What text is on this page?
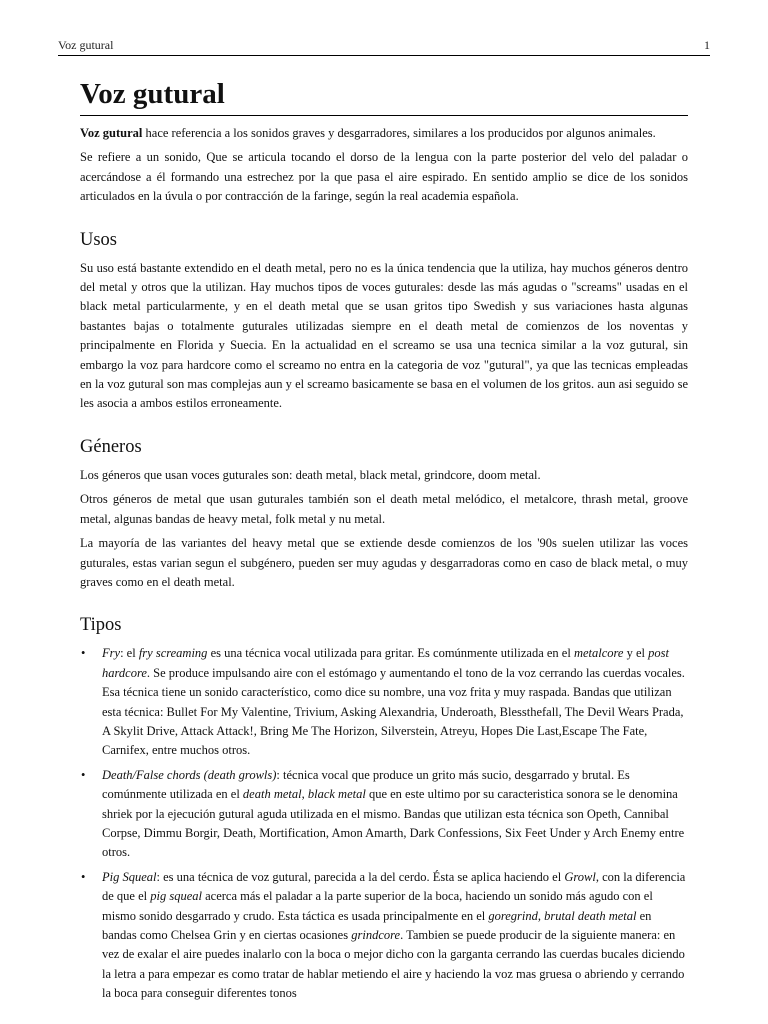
Voz gutural	1
Voz gutural

Voz gutural hace referencia a los sonidos graves y desgarradores, similares a los producidos por algunos animales.

Se refiere a un sonido, Que se articula tocando el dorso de la lengua con la parte posterior del velo del paladar o acercándose a él formando una estrechez por la que pasa el aire espirado. En sentido amplio se dice de los sonidos articulados en la úvula o por contracción de la faringe, según la real academia española.

Usos

Su uso está bastante extendido en el death metal, pero no es la única tendencia que la utiliza, hay muchos géneros dentro del metal y otros que la utilizan. Hay muchos tipos de voces guturales: desde las más agudas o "screams" usadas en el black metal particularmente, y en el death metal que se usan gritos tipo Swedish y sus variaciones hasta algunas bastantes bajas o totalmente guturales utilizadas siempre en el death metal de comienzos de los noventas y principalmente en Florida y Suecia. En la actualidad en el screamo se usa una tecnica similar a la voz gutural, sin embargo la voz para hardcore como el screamo no entra en la categoria de voz "gutural", ya que las tecnicas empleadas en la voz gutural son mas complejas aun y el screamo basicamente se basa en el volumen de los gritos. aun asi seguido se les asocia a ambos estilos erroneamente.

Géneros

Los géneros que usan voces guturales son: death metal, black metal, grindcore, doom metal.

Otros géneros de metal que usan guturales también son el death metal melódico, el metalcore, thrash metal, groove metal, algunas bandas de heavy metal, folk metal y nu metal.

La mayoría de las variantes del heavy metal que se extiende desde comienzos de los '90s suelen utilizar las voces guturales, estas varian segun el subgénero, pueden ser muy agudas y desgarradoras como en caso de black metal, o muy graves como en el death metal.

Tipos
• Fry: el fry screaming es una técnica vocal utilizada para gritar. Es comúnmente utilizada en el metalcore y el post hardcore. Se produce impulsando aire con el estómago y aumentando el tono de la voz cerrando las cuerdas vocales. Esa técnica tiene un sonido característico, como dice su nombre, una voz frita y muy raspada. Bandas que utilizan esta técnica: Bullet For My Valentine, Trivium, Asking Alexandria, Underoath, Blessthefall, The Devil Wears Prada, A Skylit Drive, Attack Attack!, Bring Me The Horizon, Silverstein, Atreyu, Hopes Die Last,Escape The Fate, Carnifex, entre muchos otros.
• Death/False chords (death growls): técnica vocal que produce un grito más sucio, desgarrado y brutal. Es comúnmente utilizada en el death metal, black metal que en este ultimo por su caracteristica sonora se le denomina shriek por la ejecución gutural aguda utilizada en el mismo. Bandas que utilizan esta técnica son Opeth, Cannibal Corpse, Dimmu Borgir, Death, Mortification, Amon Amarth, Dark Confessions, Six Feet Under y Arch Enemy entre otros.
• Pig Squeal: es una técnica de voz gutural, parecida a la del cerdo. Ésta se aplica haciendo el Growl, con la diferencia de que el pig squeal acerca más el paladar a la parte superior de la boca, haciendo un sonido más agudo con el mismo sonido desgarrado y crudo. Esta táctica es usada principalmente en el goregrind, brutal death metal en bandas como Chelsea Grin y en ciertas ocasiones grindcore. Tambien se puede producir de la siguiente manera: en vez de exalar el aire puedes inalarlo con la boca o mejor dicho con la garganta cerrando las cuerdas bucales diciendo la letra a para empezar es como tratar de hablar metiendo el aire y haciendo la voz mas gruesa o abriendo y cerrando la boca para conseguir diferentes tonos
